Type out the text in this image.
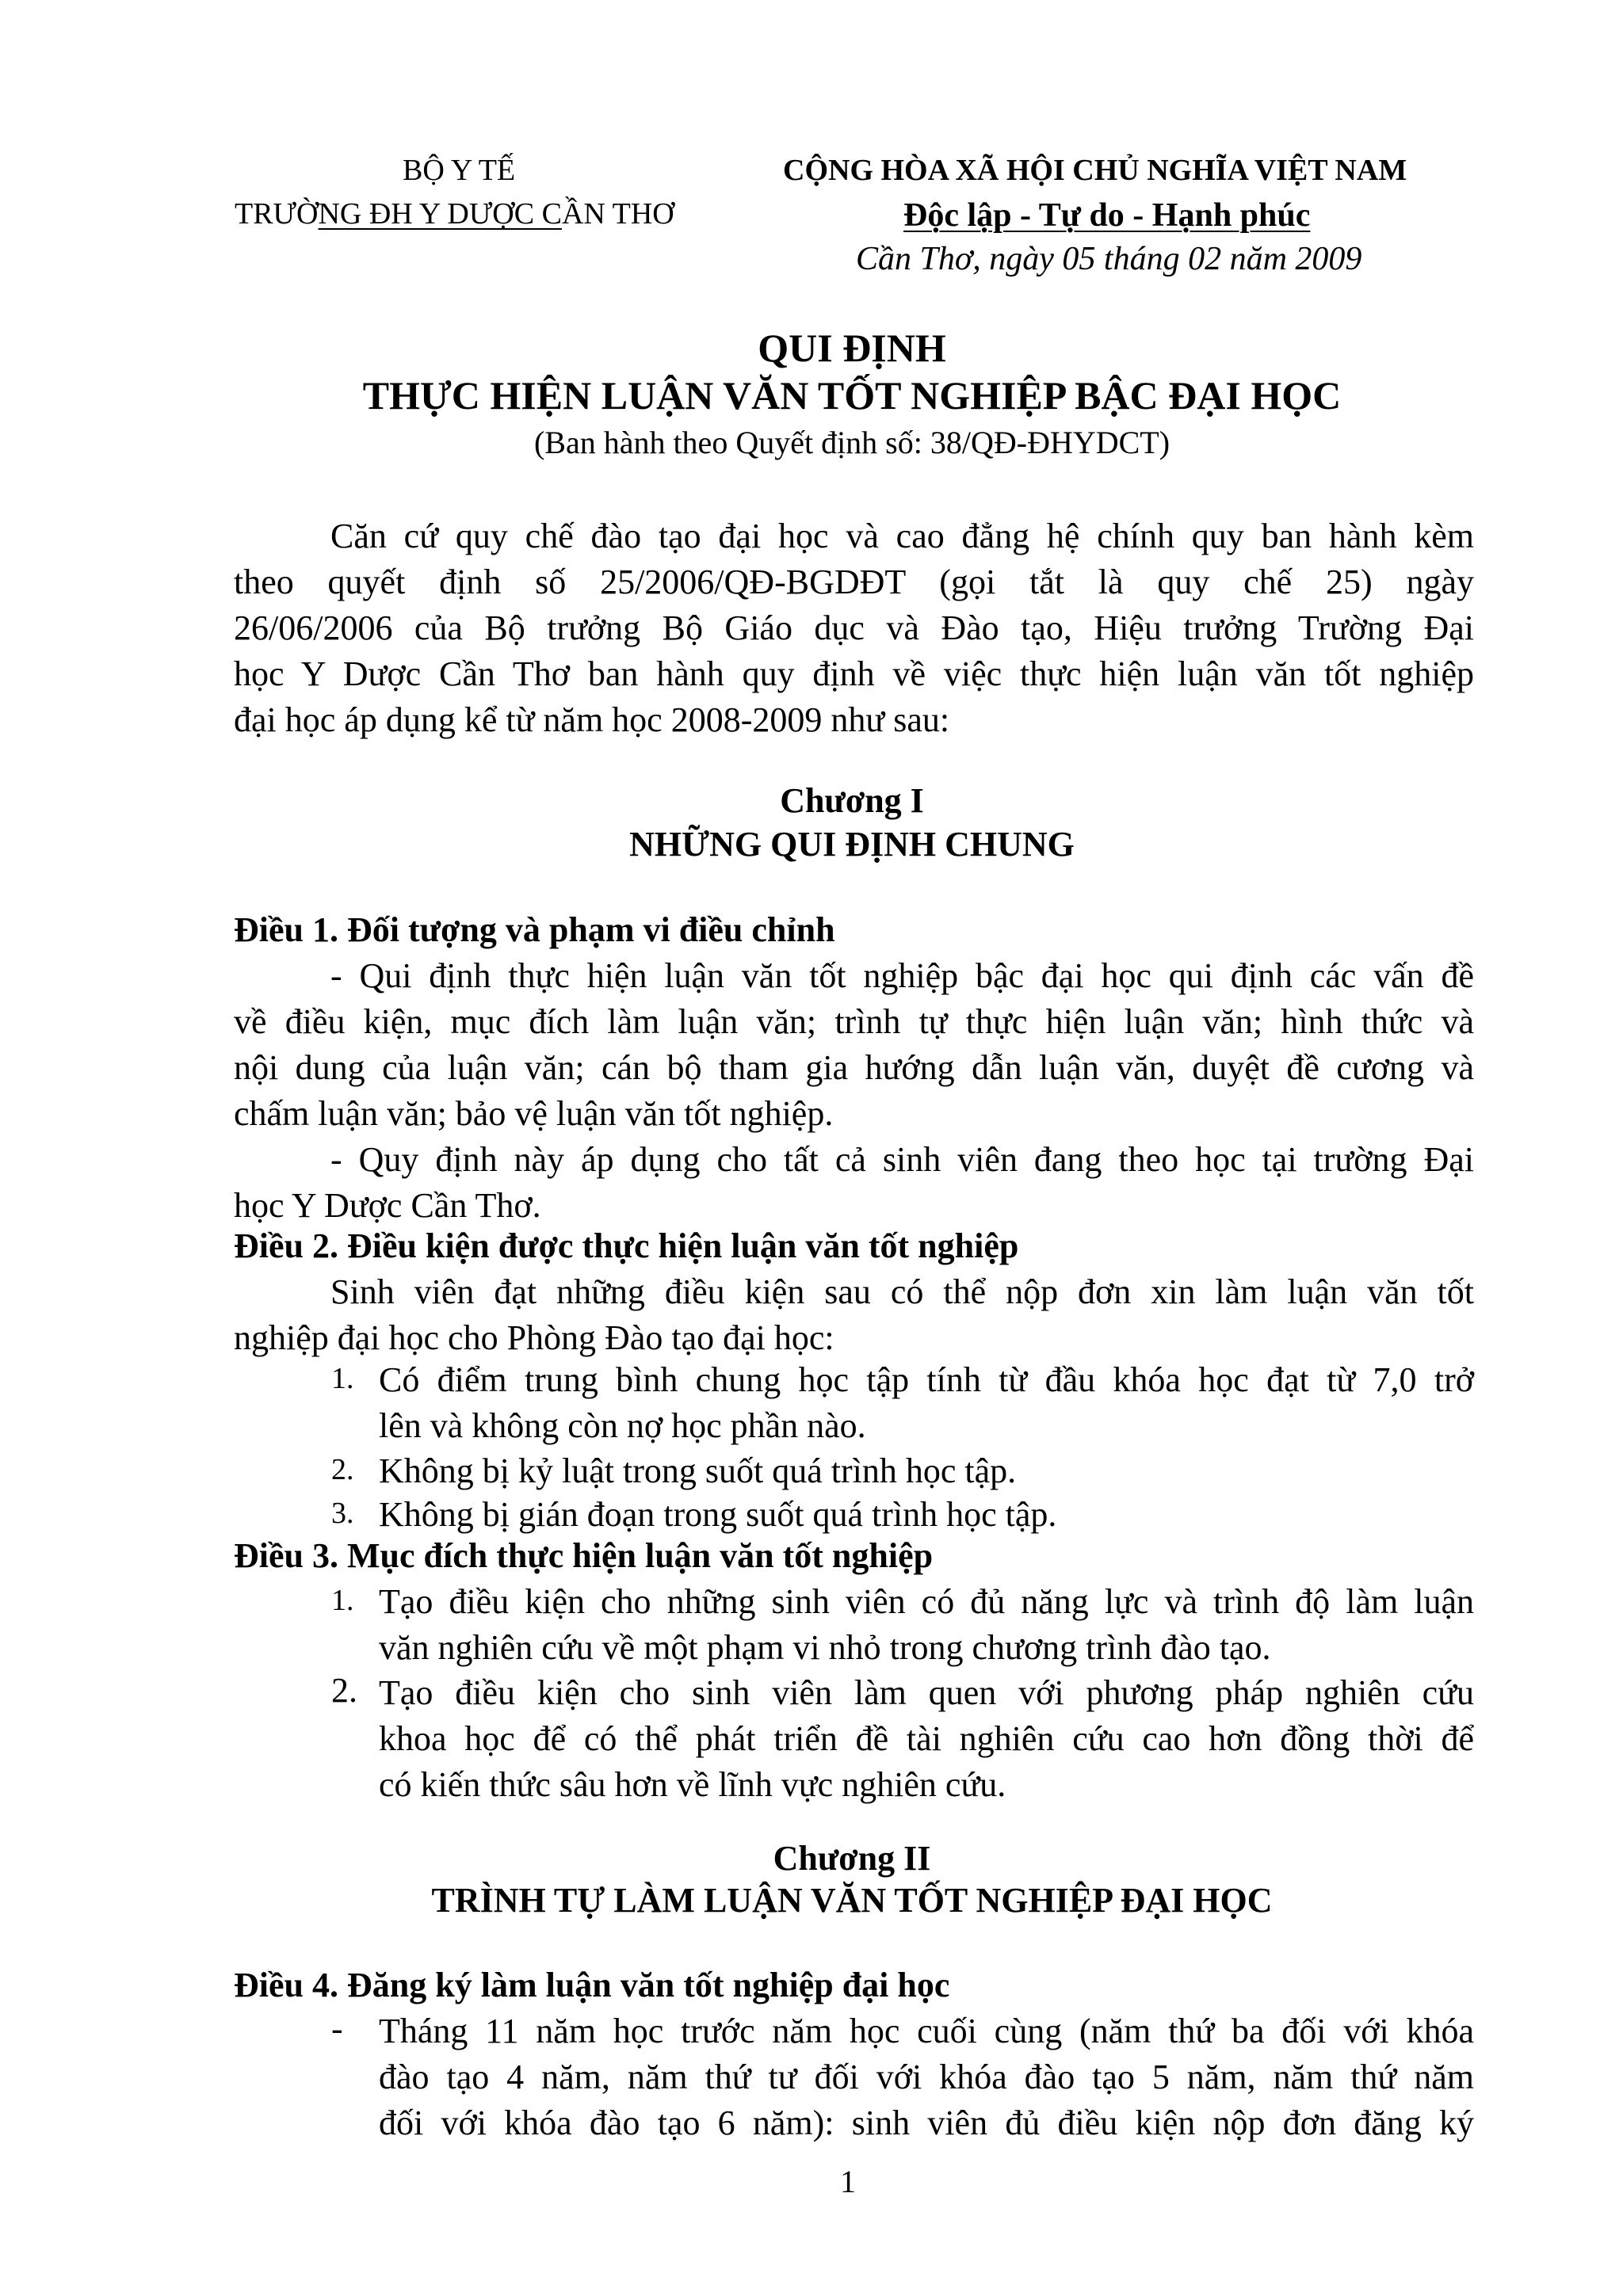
BỘ Y TẾ
TRƯỜNG ĐH Y DƯỢC CẦN THƠ
CỘNG HÒA XÃ HỘI CHỦ NGHĨA VIỆT NAM
Độc lập - Tự do - Hạnh phúc
Cần Thơ, ngày 05 tháng 02 năm 2009
QUI ĐỊNH
THỰC HIỆN LUẬN VĂN TỐT NGHIỆP BẬC ĐẠI HỌC
(Ban hành theo Quyết định số: 38/QĐ-ĐHYDCT)
Căn cứ quy chế đào tạo đại học và cao đẳng hệ chính quy ban hành kèm
theo quyết định số 25/2006/QĐ-BGDĐT (gọi tắt là quy chế 25) ngày
26/06/2006 của Bộ trưởng Bộ Giáo dục và Đào tạo, Hiệu trưởng Trường Đại
học Y Dược Cần Thơ ban hành quy định về việc thực hiện luận văn tốt nghiệp
đại học áp dụng kể từ năm học 2008-2009 như sau:
Chương I
NHỮNG QUI ĐỊNH CHUNG
Điều 1. Đối tượng và phạm vi điều chỉnh
- Qui định thực hiện luận văn tốt nghiệp bậc đại học qui định các vấn đề
về điều kiện, mục đích làm luận văn; trình tự thực hiện luận văn; hình thức và
nội dung của luận văn; cán bộ tham gia hướng dẫn luận văn, duyệt đề cương và
chấm luận văn; bảo vệ luận văn tốt nghiệp.
- Quy định này áp dụng cho tất cả sinh viên đang theo học tại trường Đại
học Y Dược Cần Thơ.
Điều 2. Điều kiện được thực hiện luận văn tốt nghiệp
Sinh viên đạt những điều kiện sau có thể nộp đơn xin làm luận văn tốt
nghiệp đại học cho Phòng Đào tạo đại học:
1. Có điểm trung bình chung học tập tính từ đầu khóa học đạt từ 7,0 trở
lên và không còn nợ học phần nào.
2. Không bị kỷ luật trong suốt quá trình học tập.
3. Không bị gián đoạn trong suốt quá trình học tập.
Điều 3. Mục đích thực hiện luận văn tốt nghiệp
1. Tạo điều kiện cho những sinh viên có đủ năng lực và trình độ làm luận
văn nghiên cứu về một phạm vi nhỏ trong chương trình đào tạo.
2. Tạo điều kiện cho sinh viên làm quen với phương pháp nghiên cứu
khoa học để có thể phát triển đề tài nghiên cứu cao hơn đồng thời để
có kiến thức sâu hơn về lĩnh vực nghiên cứu.
Chương II
TRÌNH TỰ LÀM LUẬN VĂN TỐT NGHIỆP ĐẠI HỌC
Điều 4. Đăng ký làm luận văn tốt nghiệp đại học
- Tháng 11 năm học trước năm học cuối cùng (năm thứ ba đối với khóa
đào tạo 4 năm, năm thứ tư đối với khóa đào tạo 5 năm, năm thứ năm
đối với khóa đào tạo 6 năm): sinh viên đủ điều kiện nộp đơn đăng ký
1
